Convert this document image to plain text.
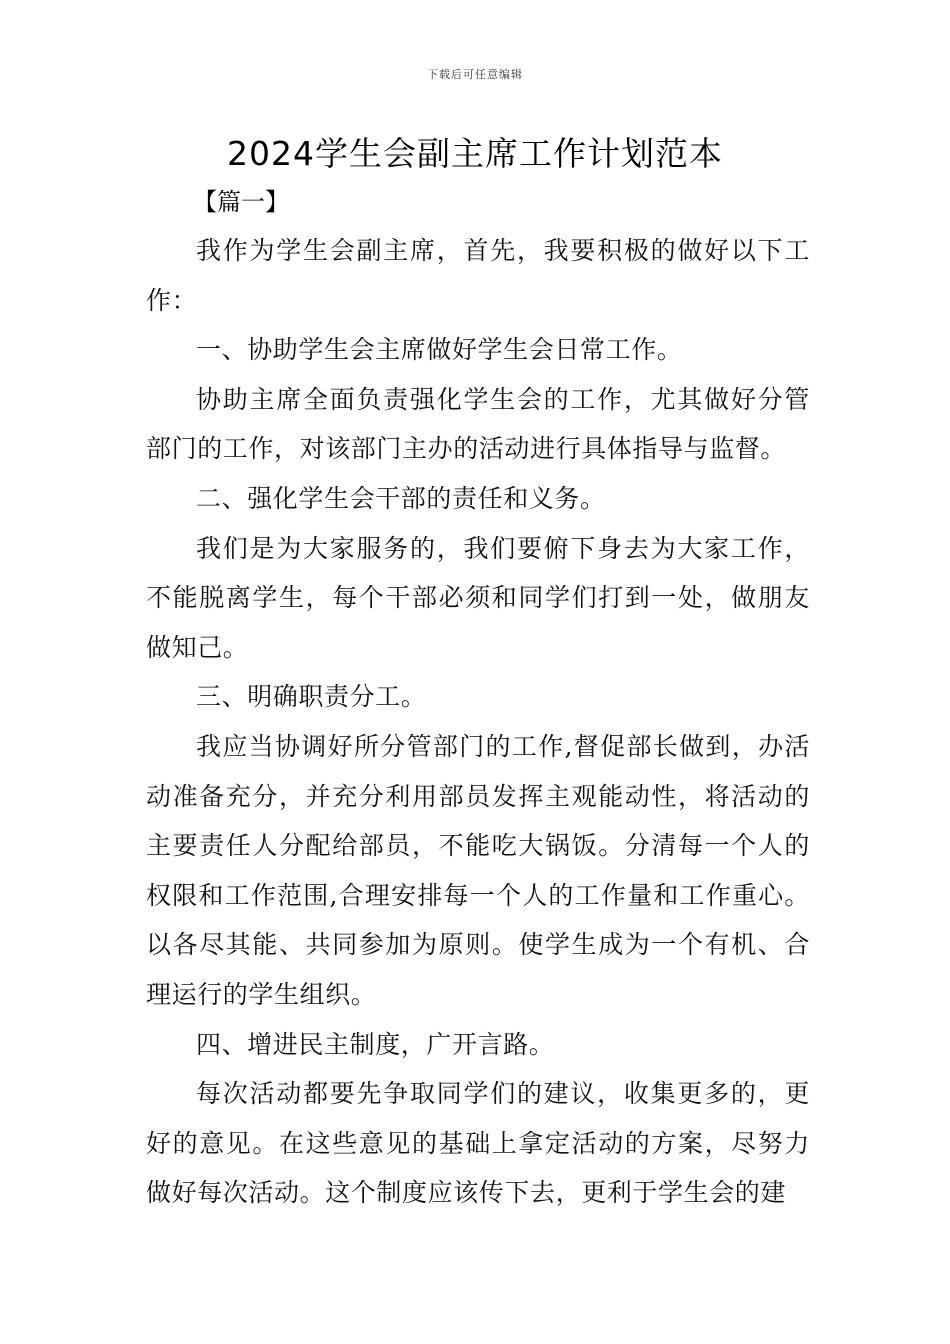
下载后可任意编辑
2024学生会副主席工作计划范本
【篇一】

我作为学生会副主席，首先，我要积极的做好以下工作：

一、协助学生会主席做好学生会日常工作。

协助主席全面负责强化学生会的工作，尤其做好分管部门的工作，对该部门主办的活动进行具体指导与监督。

二、强化学生会干部的责任和义务。

我们是为大家服务的，我们要俯下身去为大家工作，不能脱离学生，每个干部必须和同学们打到一处，做朋友做知己。

三、明确职责分工。

我应当协调好所分管部门的工作,督促部长做到，办活动准备充分，并充分利用部员发挥主观能动性，将活动的主要责任人分配给部员，不能吃大锅饭。分清每一个人的权限和工作范围,合理安排每一个人的工作量和工作重心。以各尽其能、共同参加为原则。使学生成为一个有机、合理运行的学生组织。

四、增进民主制度，广开言路。

每次活动都要先争取同学们的建议，收集更多的，更好的意见。在这些意见的基础上拿定活动的方案，尽努力做好每次活动。这个制度应该传下去，更利于学生会的建
